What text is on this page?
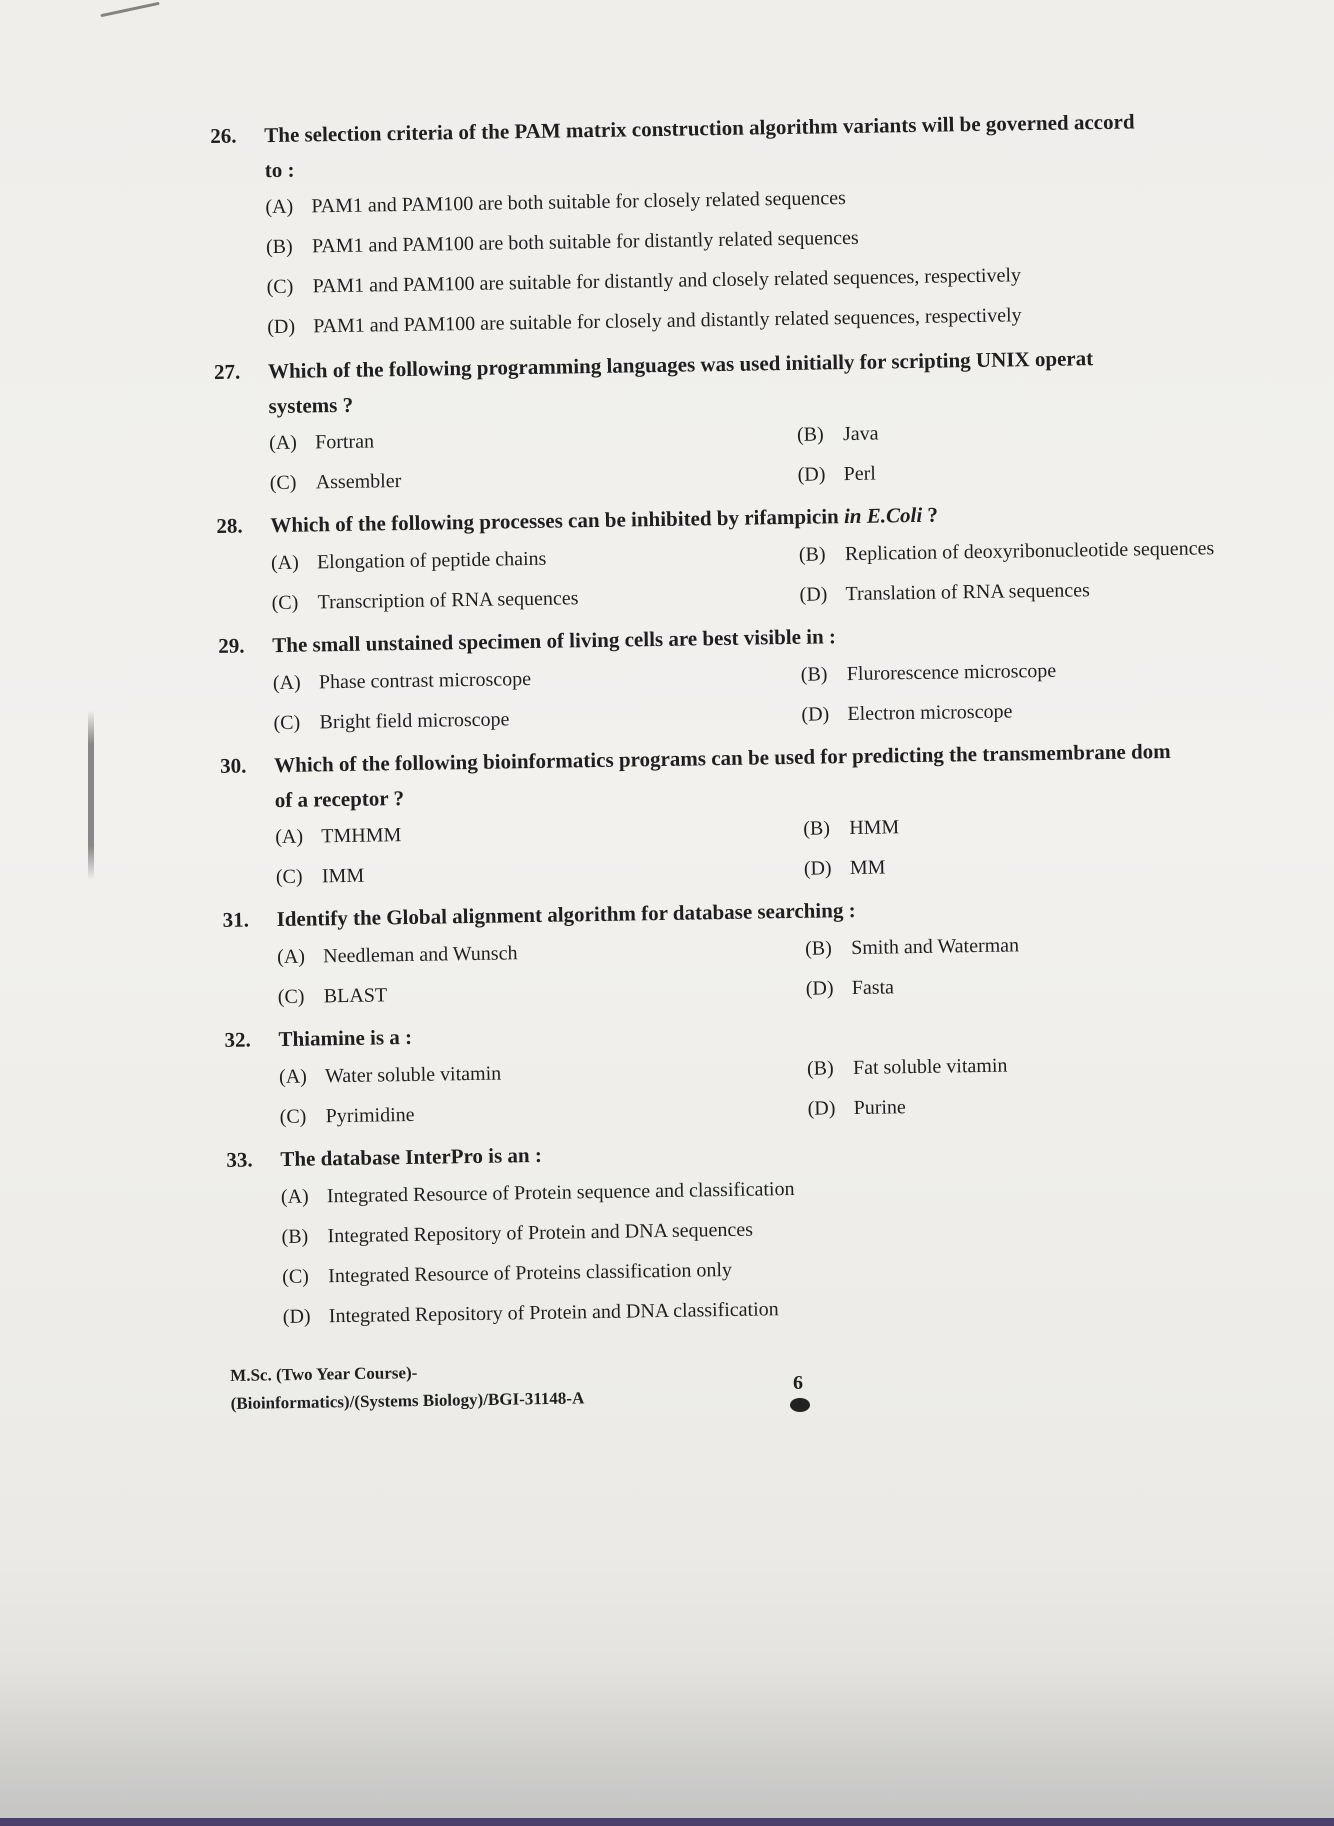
26.	The selection criteria of the PAM matrix construction algorithm variants will be governed accord
to :
(A) PAM1 and PAM100 are both suitable for closely related sequences
(B) PAM1 and PAM100 are both suitable for distantly related sequences
(C) PAM1 and PAM100 are suitable for distantly and closely related sequences, respectively
(D) PAM1 and PAM100 are suitable for closely and distantly related sequences, respectively
27.	Which of the following programming languages was used initially for scripting UNIX operat
systems ?
(A) Fortran	(B) Java
(C) Assembler	(D) Perl
28.	Which of the following processes can be inhibited by rifampicin in E.Coli ?
(A) Elongation of peptide chains	(B) Replication of deoxyribonucleotide sequences
(C) Transcription of RNA sequences	(D) Translation of RNA sequences
29.	The small unstained specimen of living cells are best visible in :
(A) Phase contrast microscope	(B) Flurorescence microscope
(C) Bright field microscope	(D) Electron microscope
30.	Which of the following bioinformatics programs can be used for predicting the transmembrane dom
of a receptor ?
(A) TMHMM	(B) HMM
(C) IMM	(D) MM
31.	Identify the Global alignment algorithm for database searching :
(A) Needleman and Wunsch	(B) Smith and Waterman
(C) BLAST	(D) Fasta
32.	Thiamine is a :
(A) Water soluble vitamin	(B) Fat soluble vitamin
(C) Pyrimidine	(D) Purine
33.	The database InterPro is an :
(A) Integrated Resource of Protein sequence and classification
(B) Integrated Repository of Protein and DNA sequences
(C) Integrated Resource of Proteins classification only
(D) Integrated Repository of Protein and DNA classification
M.Sc. (Two Year Course)-
(Bioinformatics)/(Systems Biology)/BGI-31148-A
6
